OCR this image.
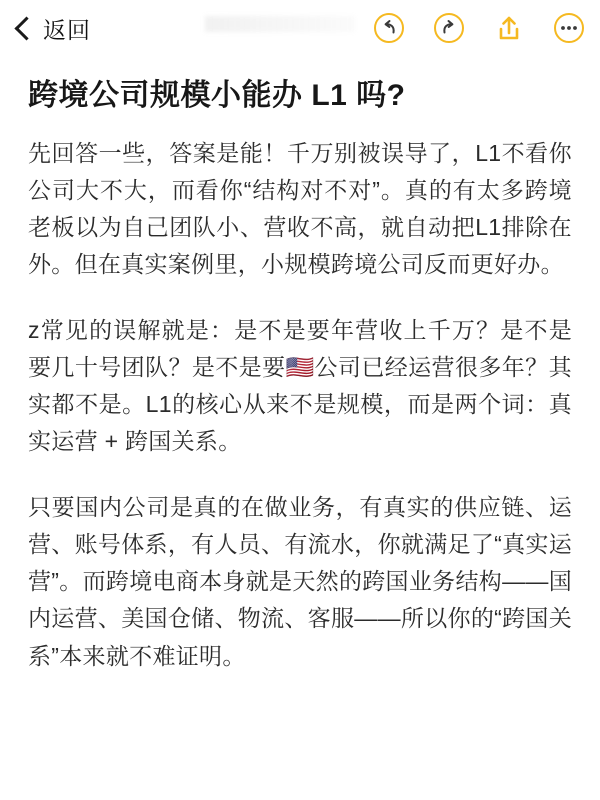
返回
跨境公司规模小能办 L1 吗?

先回答一些，答案是能！千万别被误导了，L1不看你公司大不大，而看你“结构对不对”。真的有太多跨境老板以为自己团队小、营收不高，就自动把L1排除在外。但在真实案例里，小规模跨境公司反而更好办。

z常见的误解就是：是不是要年营收上千万？是不是要几十号团队？是不是要🇺🇸公司已经运营很多年？其实都不是。L1的核心从来不是规模，而是两个词：真实运营 + 跨国关系。

只要国内公司是真的在做业务，有真实的供应链、运营、账号体系，有人员、有流水，你就满足了“真实运营”。而跨境电商本身就是天然的跨国业务结构——国内运营、美国仓储、物流、客服——所以你的“跨国关系”本来就不难证明。
